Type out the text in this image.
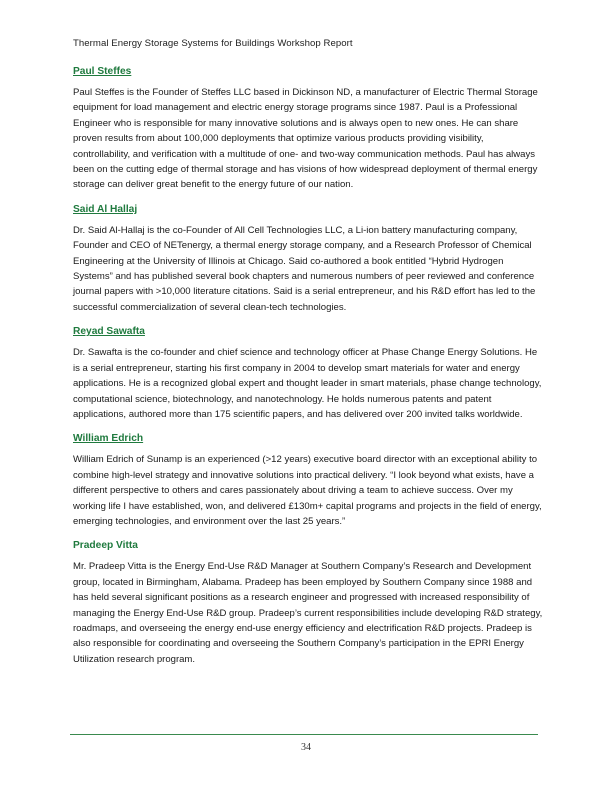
Thermal Energy Storage Systems for Buildings Workshop Report
Paul Steffes

Paul Steffes is the Founder of Steffes LLC based in Dickinson ND, a manufacturer of Electric Thermal Storage equipment for load management and electric energy storage programs since 1987. Paul is a Professional Engineer who is responsible for many innovative solutions and is always open to new ones. He can share proven results from about 100,000 deployments that optimize various products providing visibility, controllability, and verification with a multitude of one- and two-way communication methods. Paul has always been on the cutting edge of thermal storage and has visions of how widespread deployment of thermal energy storage can deliver great benefit to the energy future of our nation.

Said Al Hallaj

Dr. Said Al-Hallaj is the co-Founder of All Cell Technologies LLC, a Li-ion battery manufacturing company, Founder and CEO of NETenergy, a thermal energy storage company, and a Research Professor of Chemical Engineering at the University of Illinois at Chicago. Said co-authored a book entitled “Hybrid Hydrogen Systems” and has published several book chapters and numerous numbers of peer reviewed and conference journal papers with >10,000 literature citations. Said is a serial entrepreneur, and his R&D effort has led to the successful commercialization of several clean-tech technologies.

Reyad Sawafta

Dr. Sawafta is the co-founder and chief science and technology officer at Phase Change Energy Solutions. He is a serial entrepreneur, starting his first company in 2004 to develop smart materials for water and energy applications. He is a recognized global expert and thought leader in smart materials, phase change technology, computational science, biotechnology, and nanotechnology. He holds numerous patents and patent applications, authored more than 175 scientific papers, and has delivered over 200 invited talks worldwide.

William Edrich

William Edrich of Sunamp is an experienced (>12 years) executive board director with an exceptional ability to combine high-level strategy and innovative solutions into practical delivery. “I look beyond what exists, have a different perspective to others and cares passionately about driving a team to achieve success. Over my working life I have established, won, and delivered £130m+ capital programs and projects in the field of energy, emerging technologies, and environment over the last 25 years.”

Pradeep Vitta

Mr. Pradeep Vitta is the Energy End-Use R&D Manager at Southern Company’s Research and Development group, located in Birmingham, Alabama. Pradeep has been employed by Southern Company since 1988 and has held several significant positions as a research engineer and progressed with increased responsibility of managing the Energy End-Use R&D group. Pradeep’s current responsibilities include developing R&D strategy, roadmaps, and overseeing the energy end-use energy efficiency and electrification R&D projects. Pradeep is also responsible for coordinating and overseeing the Southern Company’s participation in the EPRI Energy Utilization research program.

34
